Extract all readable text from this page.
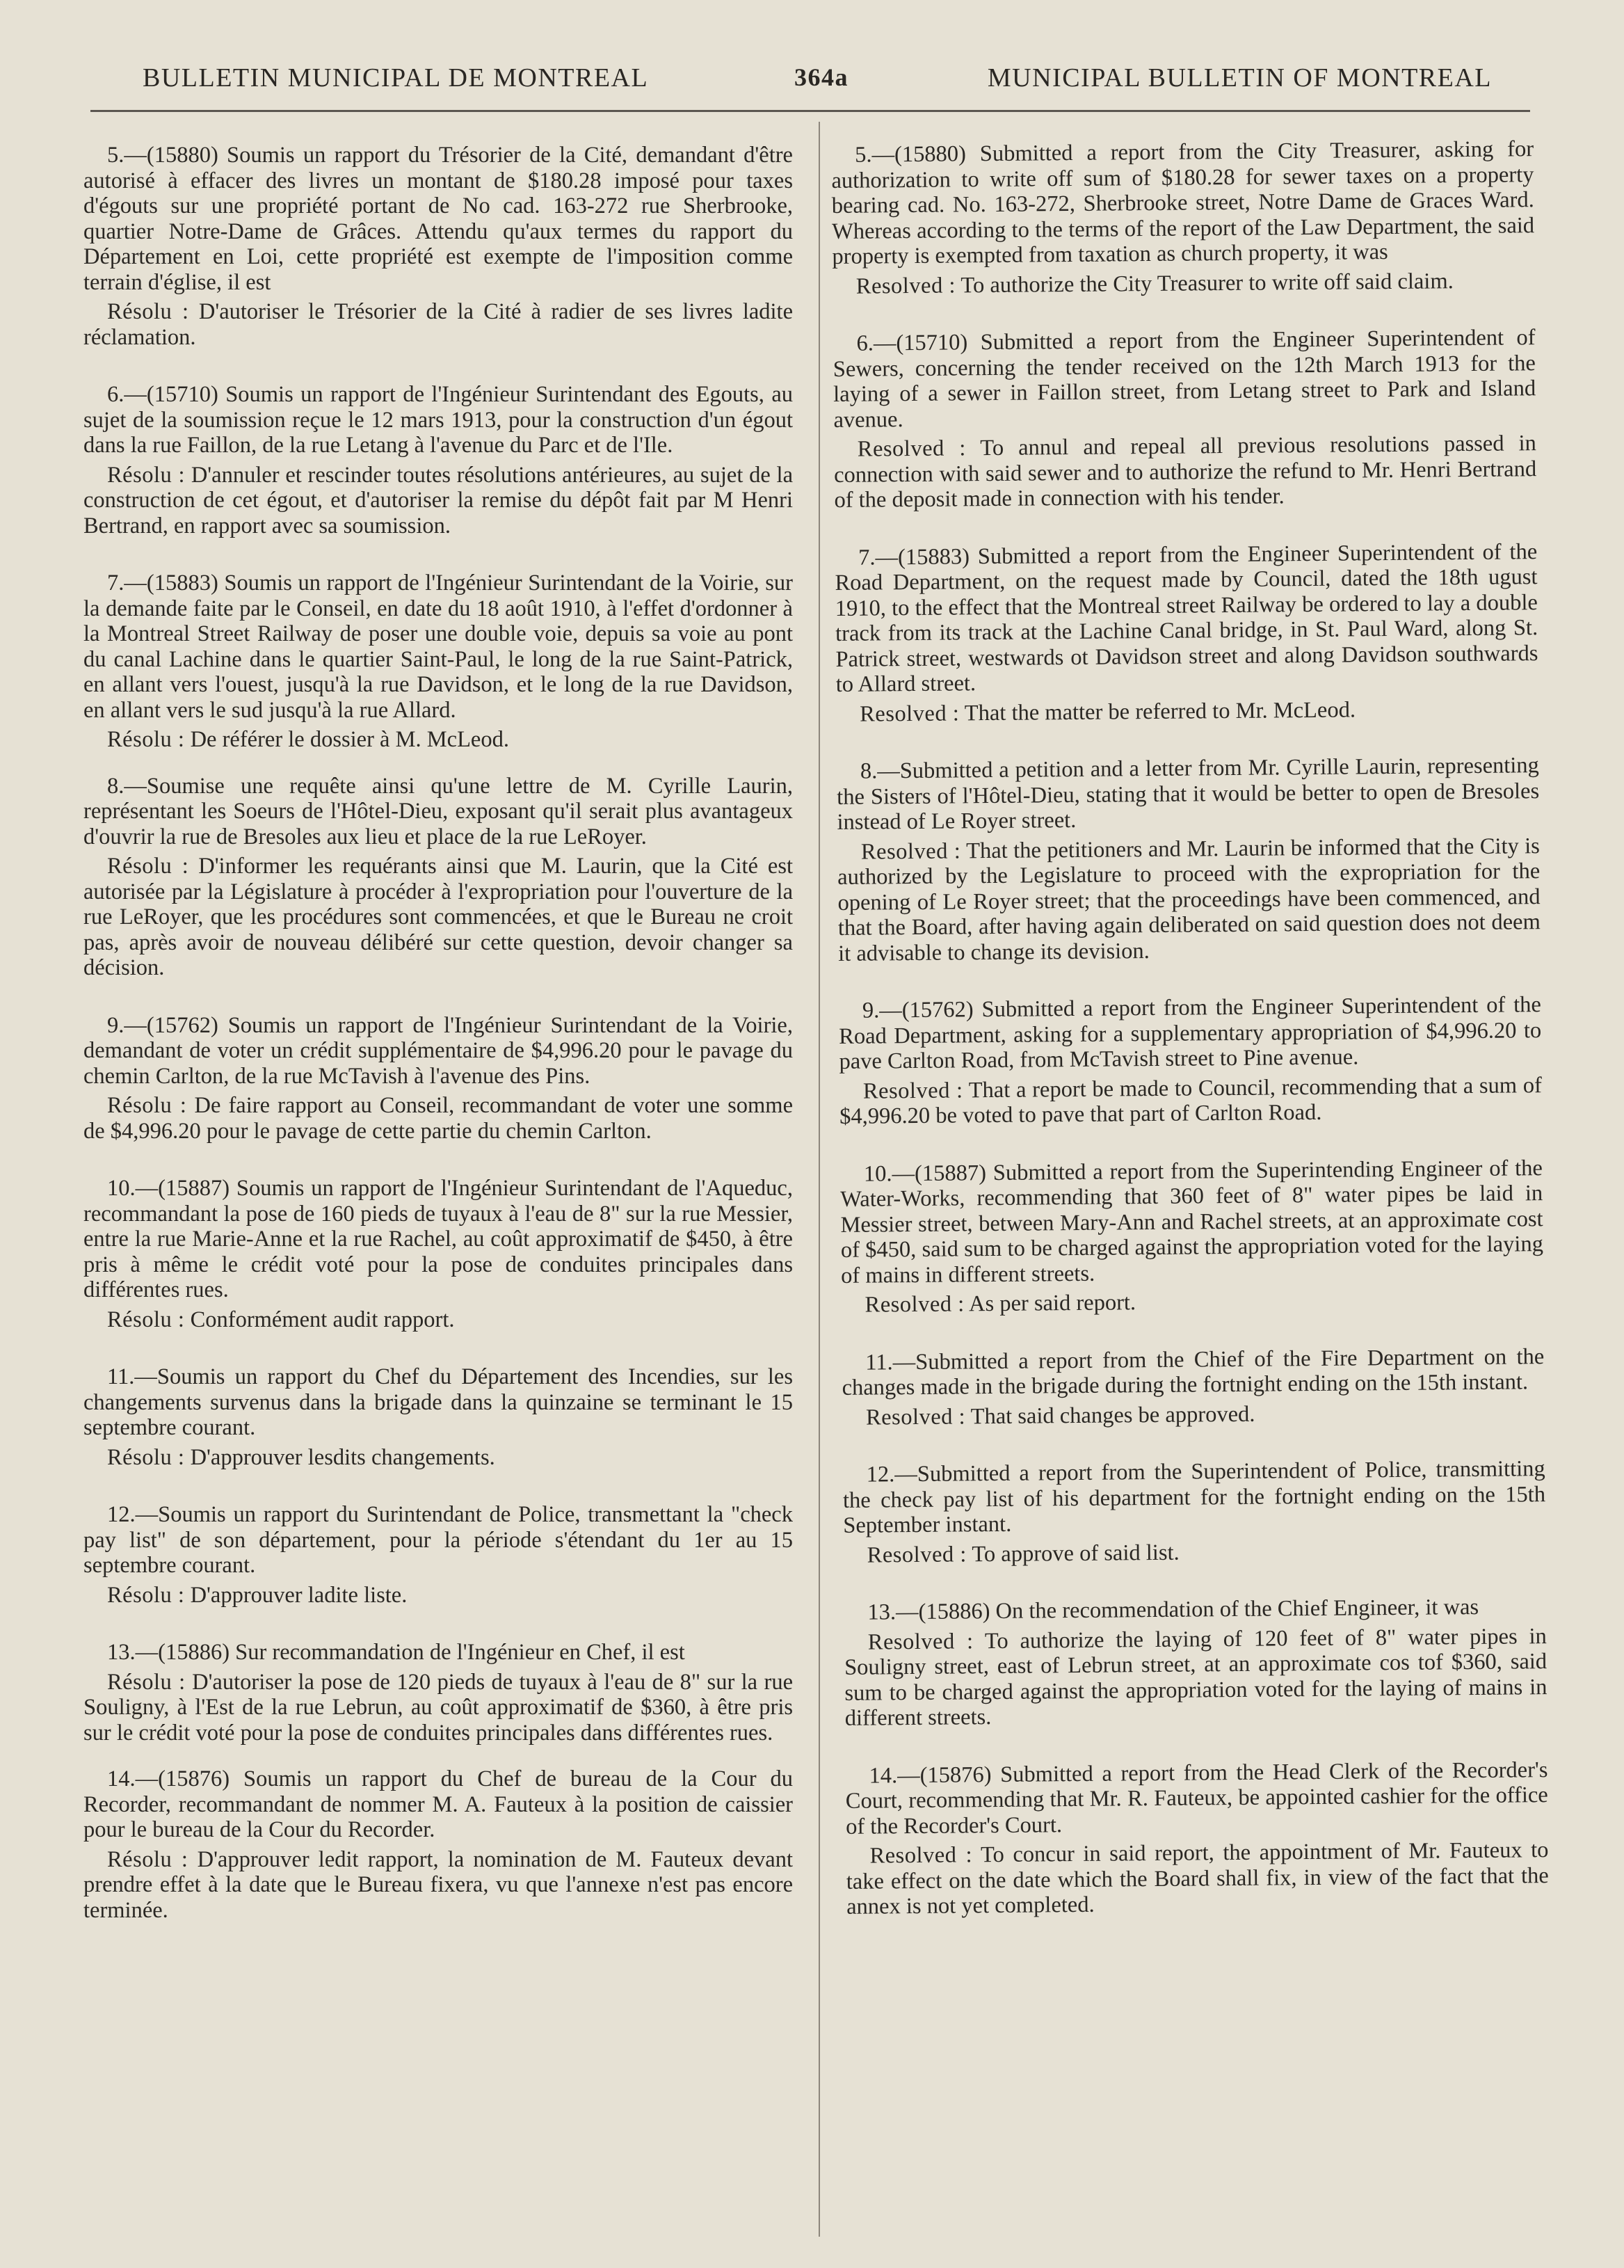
BULLETIN MUNICIPAL DE MONTREAL	364a	MUNICIPAL BULLETIN OF MONTREAL

5.—(15880) Soumis un rapport du Trésorier de la Cité, demandant d'être autorisé à effacer des livres un montant de $180.28 imposé pour taxes d'égouts sur une propriété portant de No cad. 163-272 rue Sherbrooke, quartier Notre-Dame de Grâces. Attendu qu'aux termes du rapport du Département en Loi, cette propriété est exempte de l'imposition comme terrain d'église, il est

Résolu : D'autoriser le Trésorier de la Cité à radier de ses livres ladite réclamation.

6.—(15710) Soumis un rapport de l'Ingénieur Surintendant des Egouts, au sujet de la soumission reçue le 12 mars 1913, pour la construction d'un égout dans la rue Faillon, de la rue Letang à l'avenue du Parc et de l'Ile.

Résolu : D'annuler et rescinder toutes résolutions antérieures, au sujet de la construction de cet égout, et d'autoriser la remise du dépôt fait par M Henri Bertrand, en rapport avec sa soumission.

7.—(15883) Soumis un rapport de l'Ingénieur Surintendant de la Voirie, sur la demande faite par le Conseil, en date du 18 août 1910, à l'effet d'ordonner à la Montreal Street Railway de poser une double voie, depuis sa voie au pont du canal Lachine dans le quartier Saint-Paul, le long de la rue Saint-Patrick, en allant vers l'ouest, jusqu'à la rue Davidson, et le long de la rue Davidson, en allant vers le sud jusqu'à la rue Allard.

Résolu : De référer le dossier à M. McLeod.

8.—Soumise une requête ainsi qu'une lettre de M. Cyrille Laurin, représentant les Soeurs de l'Hôtel-Dieu, exposant qu'il serait plus avantageux d'ouvrir la rue de Bresoles aux lieu et place de la rue LeRoyer.

Résolu : D'informer les requérants ainsi que M. Laurin, que la Cité est autorisée par la Législature à procéder à l'expropriation pour l'ouverture de la rue LeRoyer, que les procédures sont commencées, et que le Bureau ne croit pas, après avoir de nouveau délibéré sur cette question, devoir changer sa décision.

9.—(15762) Soumis un rapport de l'Ingénieur Surintendant de la Voirie, demandant de voter un crédit supplémentaire de $4,996.20 pour le pavage du chemin Carlton, de la rue McTavish à l'avenue des Pins.

Résolu : De faire rapport au Conseil, recommandant de voter une somme de $4,996.20 pour le pavage de cette partie du chemin Carlton.

10.—(15887) Soumis un rapport de l'Ingénieur Surintendant de l'Aqueduc, recommandant la pose de 160 pieds de tuyaux à l'eau de 8" sur la rue Messier, entre la rue Marie-Anne et la rue Rachel, au coût approximatif de $450, à être pris à même le crédit voté pour la pose de conduites principales dans différentes rues.

Résolu : Conformément audit rapport.

11.—Soumis un rapport du Chef du Département des Incendies, sur les changements survenus dans la brigade dans la quinzaine se terminant le 15 septembre courant.

Résolu : D'approuver lesdits changements.

12.—Soumis un rapport du Surintendant de Police, transmettant la "check pay list" de son département, pour la période s'étendant du 1er au 15 septembre courant.

Résolu : D'approuver ladite liste.

13.—(15886) Sur recommandation de l'Ingénieur en Chef, il est

Résolu : D'autoriser la pose de 120 pieds de tuyaux à l'eau de 8" sur la rue Souligny, à l'Est de la rue Lebrun, au coût approximatif de $360, à être pris sur le crédit voté pour la pose de conduites principales dans différentes rues.

14.—(15876) Soumis un rapport du Chef de bureau de la Cour du Recorder, recommandant de nommer M. A. Fauteux à la position de caissier pour le bureau de la Cour du Recorder.

Résolu : D'approuver ledit rapport, la nomination de M. Fauteux devant prendre effet à la date que le Bureau fixera, vu que l'annexe n'est pas encore terminée.

5.—(15880) Submitted a report from the City Treasurer, asking for authorization to write off sum of $180.28 for sewer taxes on a property bearing cad. No. 163-272, Sherbrooke street, Notre Dame de Graces Ward. Whereas according to the terms of the report of the Law Department, the said property is exempted from taxation as church property, it was

Resolved : To authorize the City Treasurer to write off said claim.

6.—(15710) Submitted a report from the Engineer Superintendent of Sewers, concerning the tender received on the 12th March 1913 for the laying of a sewer in Faillon street, from Letang street to Park and Island avenue.

Resolved : To annul and repeal all previous resolutions passed in connection with said sewer and to authorize the refund to Mr. Henri Bertrand of the deposit made in connection with his tender.

7.—(15883) Submitted a report from the Engineer Superintendent of the Road Department, on the request made by Council, dated the 18th ugust 1910, to the effect that the Montreal street Railway be ordered to lay a double track from its track at the Lachine Canal bridge, in St. Paul Ward, along St. Patrick street, westwards ot Davidson street and along Davidson southwards to Allard street.

Resolved : That the matter be referred to Mr. McLeod.

8.—Submitted a petition and a letter from Mr. Cyrille Laurin, representing the Sisters of l'Hôtel-Dieu, stating that it would be better to open de Bresoles instead of Le Royer street.

Resolved : That the petitioners and Mr. Laurin be informed that the City is authorized by the Legislature to proceed with the expropriation for the opening of Le Royer street; that the proceedings have been commenced, and that the Board, after having again deliberated on said question does not deem it advisable to change its devision.

9.—(15762) Submitted a report from the Engineer Superintendent of the Road Department, asking for a supplementary appropriation of $4,996.20 to pave Carlton Road, from McTavish street to Pine avenue.

Resolved : That a report be made to Council, recommending that a sum of $4,996.20 be voted to pave that part of Carlton Road.

10.—(15887) Submitted a report from the Superintending Engineer of the Water-Works, recommending that 360 feet of 8" water pipes be laid in Messier street, between Mary-Ann and Rachel streets, at an approximate cost of $450, said sum to be charged against the appropriation voted for the laying of mains in different streets.

Resolved : As per said report.

11.—Submitted a report from the Chief of the Fire Department on the changes made in the brigade during the fortnight ending on the 15th instant.

Resolved : That said changes be approved.

12.—Submitted a report from the Superintendent of Police, transmitting the check pay list of his department for the fortnight ending on the 15th September instant.

Resolved : To approve of said list.

13.—(15886) On the recommendation of the Chief Engineer, it was

Resolved : To authorize the laying of 120 feet of 8" water pipes in Souligny street, east of Lebrun street, at an approximate cos tof $360, said sum to be charged against the appropriation voted for the laying of mains in different streets.

14.—(15876) Submitted a report from the Head Clerk of the Recorder's Court, recommending that Mr. R. Fauteux, be appointed cashier for the office of the Recorder's Court.

Resolved : To concur in said report, the appointment of Mr. Fauteux to take effect on the date which the Board shall fix, in view of the fact that the annex is not yet completed.
